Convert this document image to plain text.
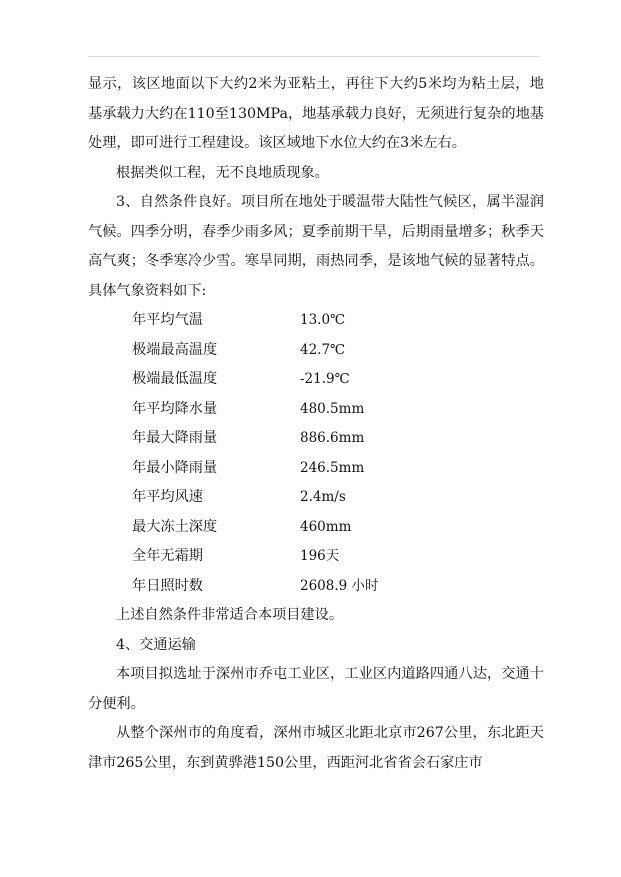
显示，该区地面以下大约2米为亚粘土，再往下大约5米均为粘土层，地基承载力大约在110至130MPa，地基承载力良好，无须进行复杂的地基处理，即可进行工程建设。该区域地下水位大约在3米左右。

根据类似工程，无不良地质现象。

3、自然条件良好。项目所在地处于暖温带大陆性气候区，属半湿润气候。四季分明，春季少雨多风；夏季前期干旱，后期雨量增多；秋季天高气爽；冬季寒冷少雪。寒旱同期，雨热同季，是该地气候的显著特点。具体气象资料如下:

年平均气温	13.0℃
极端最高温度	42.7℃
极端最低温度	-21.9℃
年平均降水量	480.5mm
年最大降雨量	886.6mm
年最小降雨量	246.5mm
年平均风速	2.4m/s
最大冻土深度	460mm
全年无霜期	196天
年日照时数	2608.9 小时

上述自然条件非常适合本项目建设。

4、交通运输

本项目拟选址于深州市乔屯工业区，工业区内道路四通八达，交通十分便利。

从整个深州市的角度看，深州市城区北距北京市267公里，东北距天津市265公里，东到黄骅港150公里，西距河北省省会石家庄市
